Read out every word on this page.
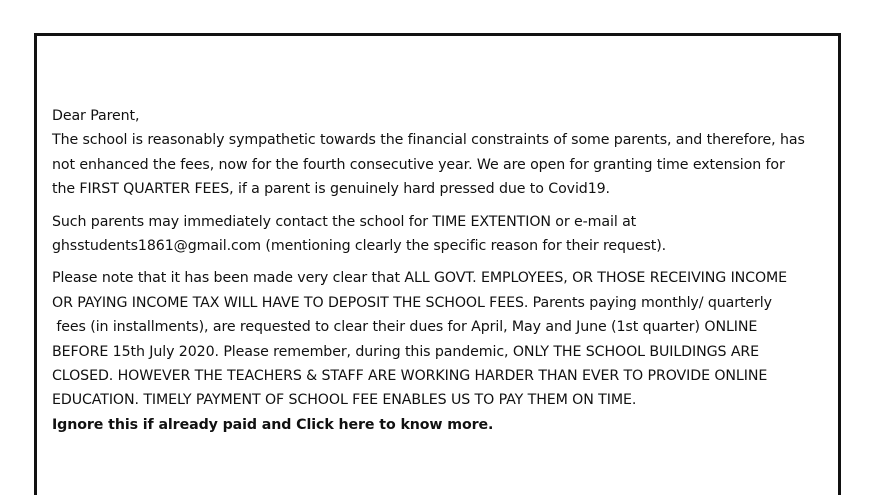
Dear Parent,

The school is reasonably sympathetic towards the financial constraints of some parents, and therefore, has

not enhanced the fees, now for the fourth consecutive year. We are open for granting time extension for

the FIRST QUARTER FEES, if a parent is genuinely hard pressed due to Covid19.

Such parents may immediately contact the school for TIME EXTENTION or e-mail at

ghsstudents1861@gmail.com (mentioning clearly the specific reason for their request).

Please note that it has been made very clear that ALL GOVT. EMPLOYEES, OR THOSE RECEIVING INCOME

OR PAYING INCOME TAX WILL HAVE TO DEPOSIT THE SCHOOL FEES. Parents paying monthly/ quarterly

fees (in installments), are requested to clear their dues for April, May and June (1st quarter) ONLINE

BEFORE 15th July 2020. Please remember, during this pandemic, ONLY THE SCHOOL BUILDINGS ARE

CLOSED. HOWEVER THE TEACHERS & STAFF ARE WORKING HARDER THAN EVER TO PROVIDE ONLINE

EDUCATION. TIMELY PAYMENT OF SCHOOL FEE ENABLES US TO PAY THEM ON TIME.

Ignore this if already paid and Click here to know more.
